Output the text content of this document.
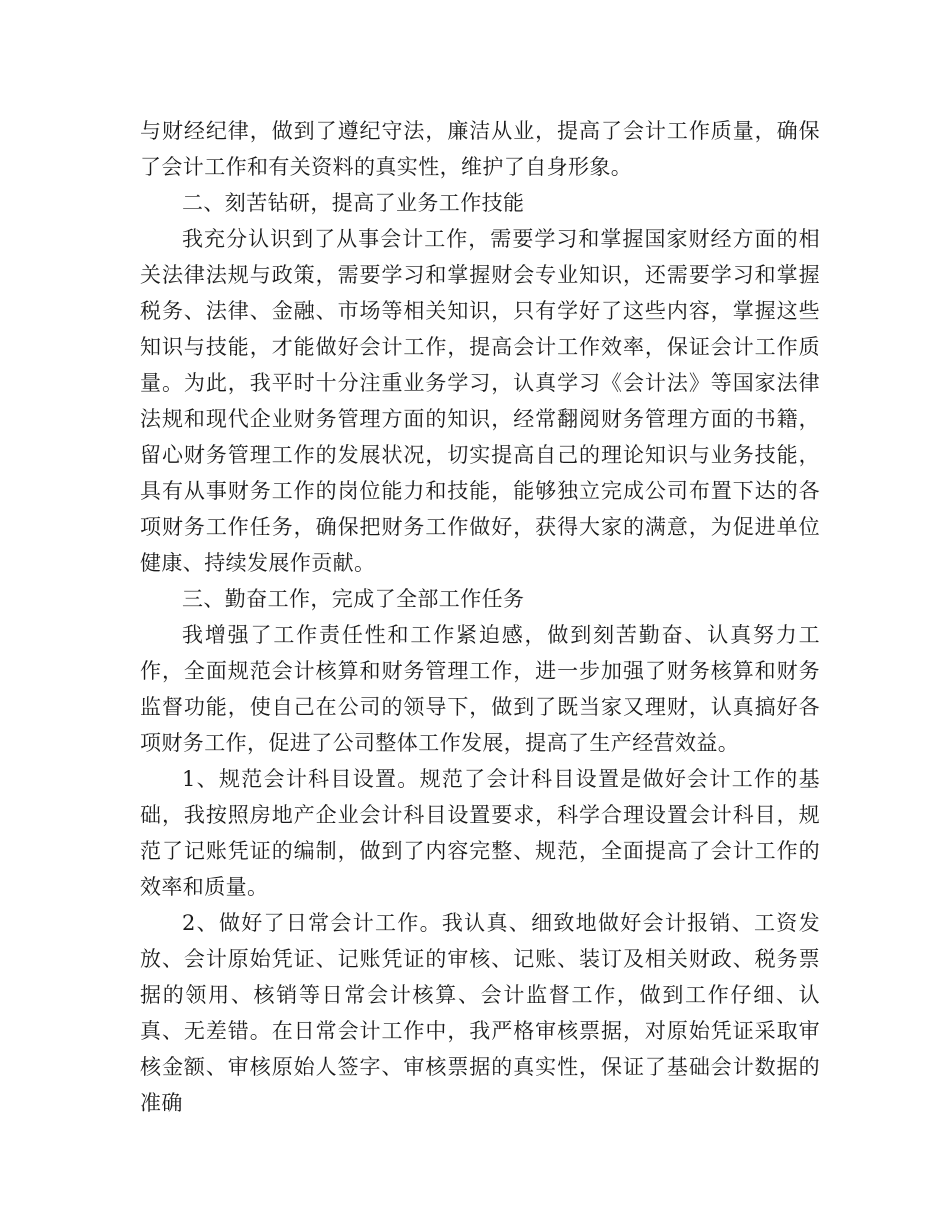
与财经纪律，做到了遵纪守法，廉洁从业，提高了会计工作质量，确保了会计工作和有关资料的真实性，维护了自身形象。

二、刻苦钻研，提高了业务工作技能

我充分认识到了从事会计工作，需要学习和掌握国家财经方面的相关法律法规与政策，需要学习和掌握财会专业知识，还需要学习和掌握税务、法律、金融、市场等相关知识，只有学好了这些内容，掌握这些知识与技能，才能做好会计工作，提高会计工作效率，保证会计工作质量。为此，我平时十分注重业务学习，认真学习《会计法》等国家法律法规和现代企业财务管理方面的知识，经常翻阅财务管理方面的书籍，留心财务管理工作的发展状况，切实提高自己的理论知识与业务技能，具有从事财务工作的岗位能力和技能，能够独立完成公司布置下达的各项财务工作任务，确保把财务工作做好，获得大家的满意，为促进单位健康、持续发展作贡献。

三、勤奋工作，完成了全部工作任务

我增强了工作责任性和工作紧迫感，做到刻苦勤奋、认真努力工作，全面规范会计核算和财务管理工作，进一步加强了财务核算和财务监督功能，使自己在公司的领导下，做到了既当家又理财，认真搞好各项财务工作，促进了公司整体工作发展，提高了生产经营效益。

1、规范会计科目设置。规范了会计科目设置是做好会计工作的基础，我按照房地产企业会计科目设置要求，科学合理设置会计科目，规范了记账凭证的编制，做到了内容完整、规范，全面提高了会计工作的效率和质量。

2、做好了日常会计工作。我认真、细致地做好会计报销、工资发放、会计原始凭证、记账凭证的审核、记账、装订及相关财政、税务票据的领用、核销等日常会计核算、会计监督工作，做到工作仔细、认真、无差错。在日常会计工作中，我严格审核票据，对原始凭证采取审核金额、审核原始人签字、审核票据的真实性，保证了基础会计数据的准确
